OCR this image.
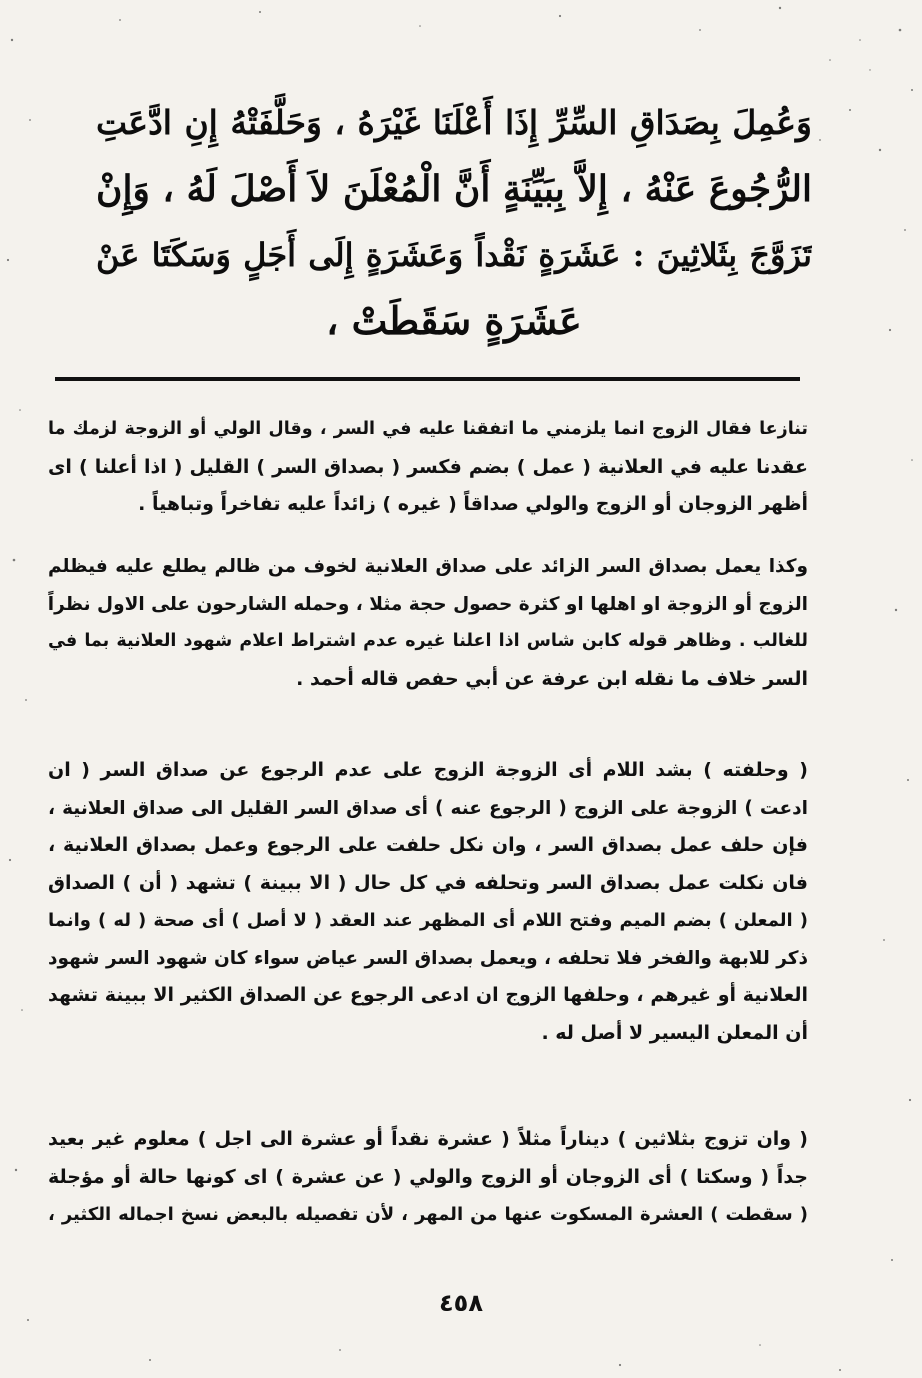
وَعُمِلَ بِصَدَاقِ السِّرِّ إِذَا أَعْلَنَا غَيْرَهُ ، وَحَلَّفَتْهُ إِنِ ادَّعَتِ
الرُّجُوعَ عَنْهُ ، إِلاَّ بِبَيِّنَةٍ أَنَّ الْمُعْلَنَ لاَ أَصْلَ لَهُ ، وَإِنْ
تَزَوَّجَ بِثَلاثِينَ : عَشَرَةٍ نَقْداً وَعَشَرَةٍ إِلَى أَجَلٍ وَسَكَتَا عَنْ
عَشَرَةٍ سَقَطَتْ ،
تنازعا فقال الزوج انما يلزمني ما اتفقنا عليه في السر ، وقال الولي أو الزوجة لزمك ما
عقدنا عليه في العلانية ( عمل ) بضم فكسر ( بصداق السر ) القليل ( اذا أعلنا ) اى
أظهر الزوجان أو الزوج والولي صداقاً ( غيره ) زائداً عليه تفاخراً وتباهياً .
وكذا يعمل بصداق السر الزائد على صداق العلانية لخوف من ظالم يطلع عليه فيظلم
الزوج أو الزوجة او اهلها او كثرة حصول حجة مثلا ، وحمله الشارحون على الاول نظراً
للغالب . وظاهر قوله كابن شاس اذا اعلنا غيره عدم اشتراط اعلام شهود العلانية بما في
السر خلاف ما نقله ابن عرفة عن أبي حفص قاله أحمد .
( وحلفته ) بشد اللام أى الزوجة الزوج على عدم الرجوع عن صداق السر ( ان
ادعت ) الزوجة على الزوج ( الرجوع عنه ) أى صداق السر القليل الى صداق العلانية ،
فإن حلف عمل بصداق السر ، وان نكل حلفت على الرجوع وعمل بصداق العلانية ،
فان نكلت عمل بصداق السر وتحلفه في كل حال ( الا ببينة ) تشهد ( أن ) الصداق
( المعلن ) بضم الميم وفتح اللام أى المظهر عند العقد ( لا أصل ) أى صحة ( له ) وانما
ذكر للابهة والفخر فلا تحلفه ، ويعمل بصداق السر عياض سواء كان شهود السر شهود
العلانية أو غيرهم ، وحلفها الزوج ان ادعى الرجوع عن الصداق الكثير الا ببينة تشهد
أن المعلن اليسير لا أصل له .
( وان تزوج بثلاثين ) ديناراً مثلاً ( عشرة نقداً أو عشرة الى اجل ) معلوم غير بعيد
جداً ( وسكتا ) أى الزوجان أو الزوج والولي ( عن عشرة ) اى كونها حالة أو مؤجلة
( سقطت ) العشرة المسكوت عنها من المهر ، لأن تفصيله بالبعض نسخ اجماله الكثير ،
٤٥٨
